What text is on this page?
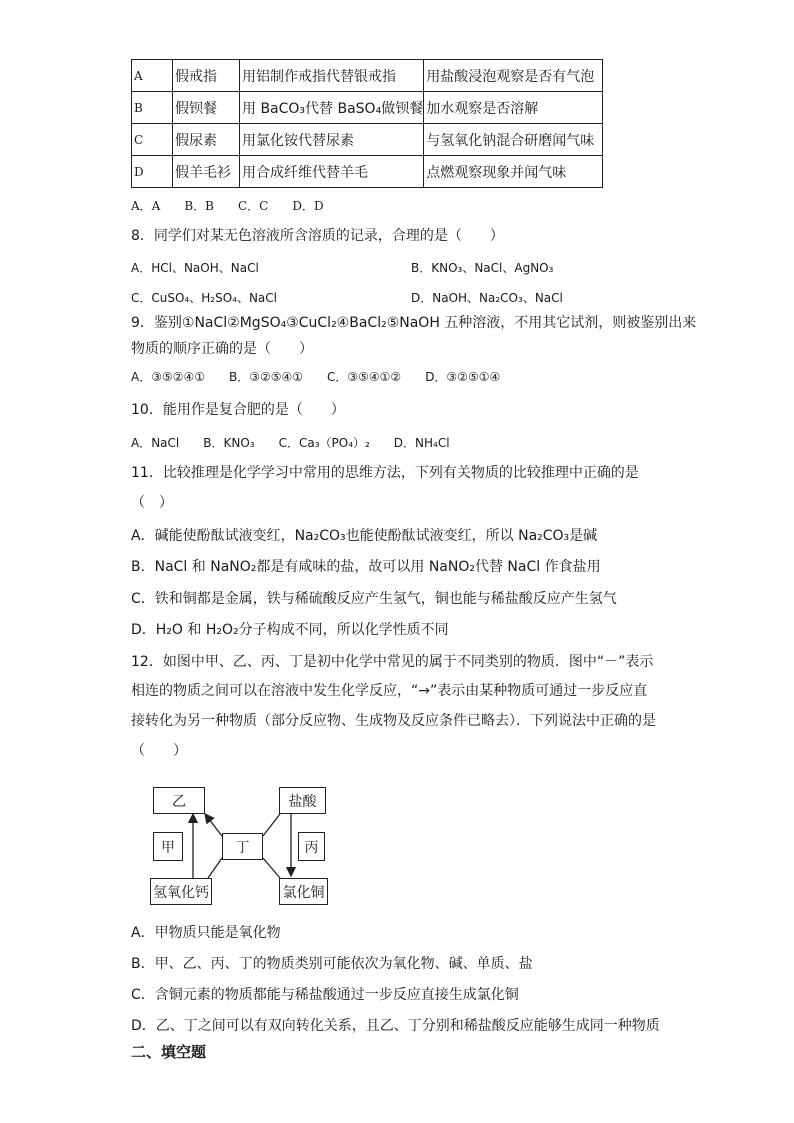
A	假戒指	用铝制作戒指代替银戒指	用盐酸浸泡观察是否有气泡
B	假钡餐	用 BaCO₃代替 BaSO₄做钡餐	加水观察是否溶解
C	假尿素	用氯化铵代替尿素	与氢氧化钠混合研磨闻气味
D	假羊毛衫	用合成纤维代替羊毛	点燃观察现象并闻气味
A．A　　B．B　　C．C　　D．D
8．同学们对某无色溶液所含溶质的记录，合理的是（　　）
A．HCl、NaOH、NaCl	B．KNO₃、NaCl、AgNO₃
C．CuSO₄、H₂SO₄、NaCl	D．NaOH、Na₂CO₃、NaCl
9．鉴别①NaCl②MgSO₄③CuCl₂④BaCl₂⑤NaOH 五种溶液，不用其它试剂，则被鉴别出来
物质的顺序正确的是（　　）
A．③⑤②④①　　B．③②⑤④①　　C．③⑤④①②　　D．③②⑤①④
10．能用作是复合肥的是（　　）
A．NaCl　　B．KNO₃　　C．Ca₃（PO₄）₂　　D．NH₄Cl
11．比较推理是化学学习中常用的思维方法，下列有关物质的比较推理中正确的是
（　）
A．碱能使酚酞试液变红，Na₂CO₃也能使酚酞试液变红，所以 Na₂CO₃是碱
B．NaCl 和 NaNO₂都是有咸味的盐，故可以用 NaNO₂代替 NaCl 作食盐用
C．铁和铜都是金属，铁与稀硫酸反应产生氢气，铜也能与稀盐酸反应产生氢气
D．H₂O 和 H₂O₂分子构成不同，所以化学性质不同
12．如图中甲、乙、丙、丁是初中化学中常见的属于不同类别的物质．图中“－”表示
相连的物质之间可以在溶液中发生化学反应，“→”表示由某种物质可通过一步反应直
接转化为另一种物质（部分反应物、生成物及反应条件已略去）．下列说法中正确的是
（　　）
乙
甲	丁
盐酸
丙
氢氧化钙	氯化铜
A．甲物质只能是氧化物
B．甲、乙、丙、丁的物质类别可能依次为氧化物、碱、单质、盐
C．含铜元素的物质都能与稀盐酸通过一步反应直接生成氯化铜
D．乙、丁之间可以有双向转化关系，且乙、丁分别和稀盐酸反应能够生成同一种物质
二、填空题
